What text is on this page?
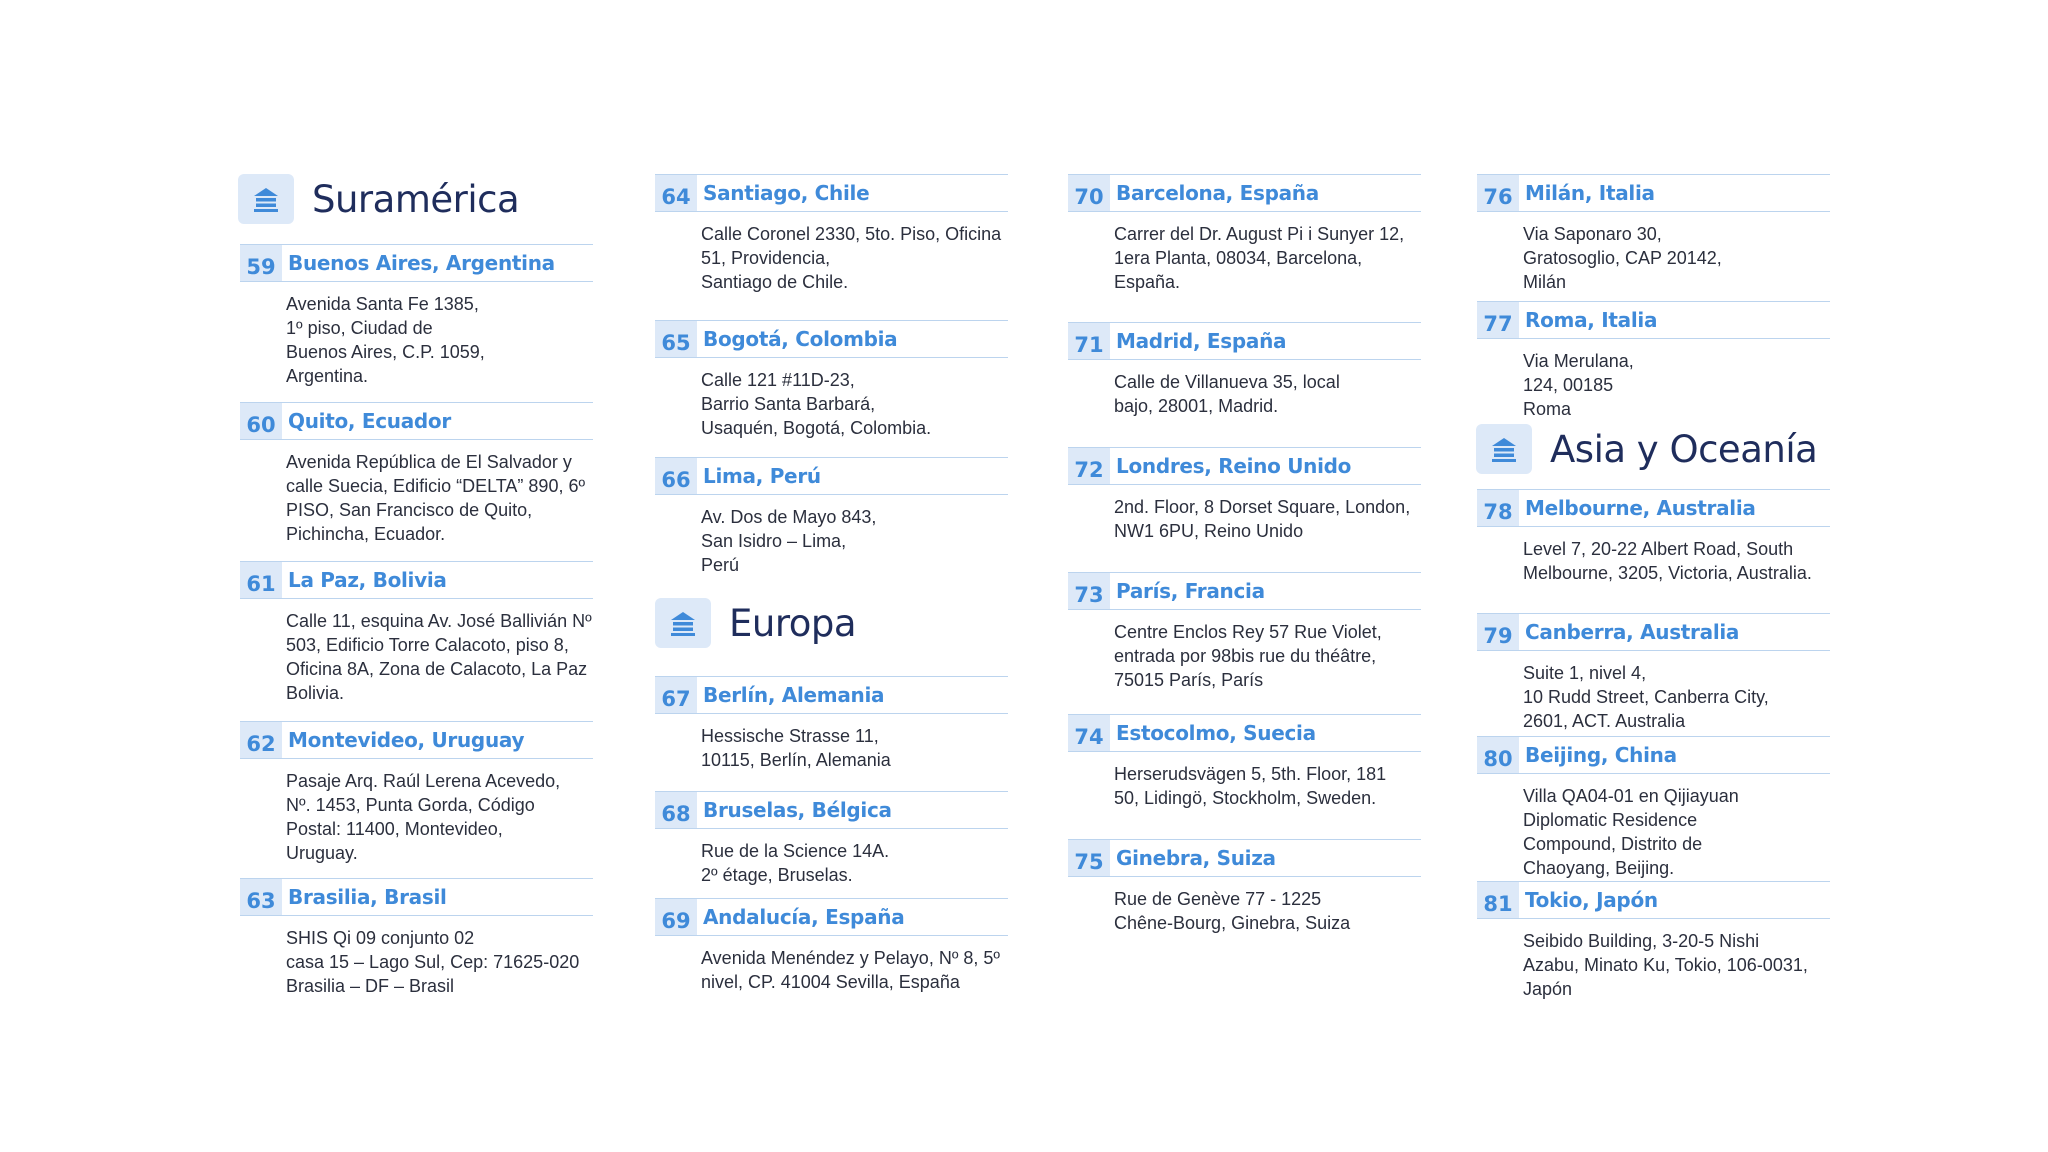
Suramérica
Europa
Asia y Oceanía
59 Buenos Aires, Argentina
Avenida Santa Fe 1385,
1º piso, Ciudad de
Buenos Aires, C.P. 1059,
Argentina.
60 Quito, Ecuador
Avenida República de El Salvador y
calle Suecia, Edificio “DELTA” 890, 6º
PISO, San Francisco de Quito,
Pichincha, Ecuador.
61 La Paz, Bolivia
Calle 11, esquina Av. José Ballivián Nº
503, Edificio Torre Calacoto, piso 8,
Oficina 8A, Zona de Calacoto, La Paz
Bolivia.
62 Montevideo, Uruguay
Pasaje Arq. Raúl Lerena Acevedo,
Nº. 1453, Punta Gorda, Código
Postal: 11400, Montevideo,
Uruguay.
63 Brasilia, Brasil
SHIS Qi 09 conjunto 02
casa 15 – Lago Sul, Cep: 71625-020
Brasilia – DF – Brasil
64 Santiago, Chile
Calle Coronel 2330, 5to. Piso, Oficina
51, Providencia,
Santiago de Chile.
65 Bogotá, Colombia
Calle 121 #11D-23,
Barrio Santa Barbará,
Usaquén, Bogotá, Colombia.
66 Lima, Perú
Av. Dos de Mayo 843,
San Isidro – Lima,
Perú
67 Berlín, Alemania
Hessische Strasse 11,
10115, Berlín, Alemania
68 Bruselas, Bélgica
Rue de la Science 14A.
2º étage, Bruselas.
69 Andalucía, España
Avenida Menéndez y Pelayo, Nº 8, 5º
nivel, CP. 41004 Sevilla, España
70 Barcelona, España
Carrer del Dr. August Pi i Sunyer 12,
1era Planta, 08034, Barcelona,
España.
71 Madrid, España
Calle de Villanueva 35, local
bajo, 28001, Madrid.
72 Londres, Reino Unido
2nd. Floor, 8 Dorset Square, London,
NW1 6PU, Reino Unido
73 París, Francia
Centre Enclos Rey 57 Rue Violet,
entrada por 98bis rue du théâtre,
75015 París, París
74 Estocolmo, Suecia
Herserudsvägen 5, 5th. Floor, 181
50, Lidingö, Stockholm, Sweden.
75 Ginebra, Suiza
Rue de Genève 77 - 1225
Chêne-Bourg, Ginebra, Suiza
76 Milán, Italia
Via Saponaro 30,
Gratosoglio, CAP 20142,
Milán
77 Roma, Italia
Via Merulana,
124, 00185
Roma
78 Melbourne, Australia
Level 7, 20-22 Albert Road, South
Melbourne, 3205, Victoria, Australia.
79 Canberra, Australia
Suite 1, nivel 4,
10 Rudd Street, Canberra City,
2601, ACT. Australia
80 Beijing, China
Villa QA04-01 en Qijiayuan
Diplomatic Residence
Compound, Distrito de
Chaoyang, Beijing.
81 Tokio, Japón
Seibido Building, 3-20-5 Nishi
Azabu, Minato Ku, Tokio, 106-0031,
Japón
